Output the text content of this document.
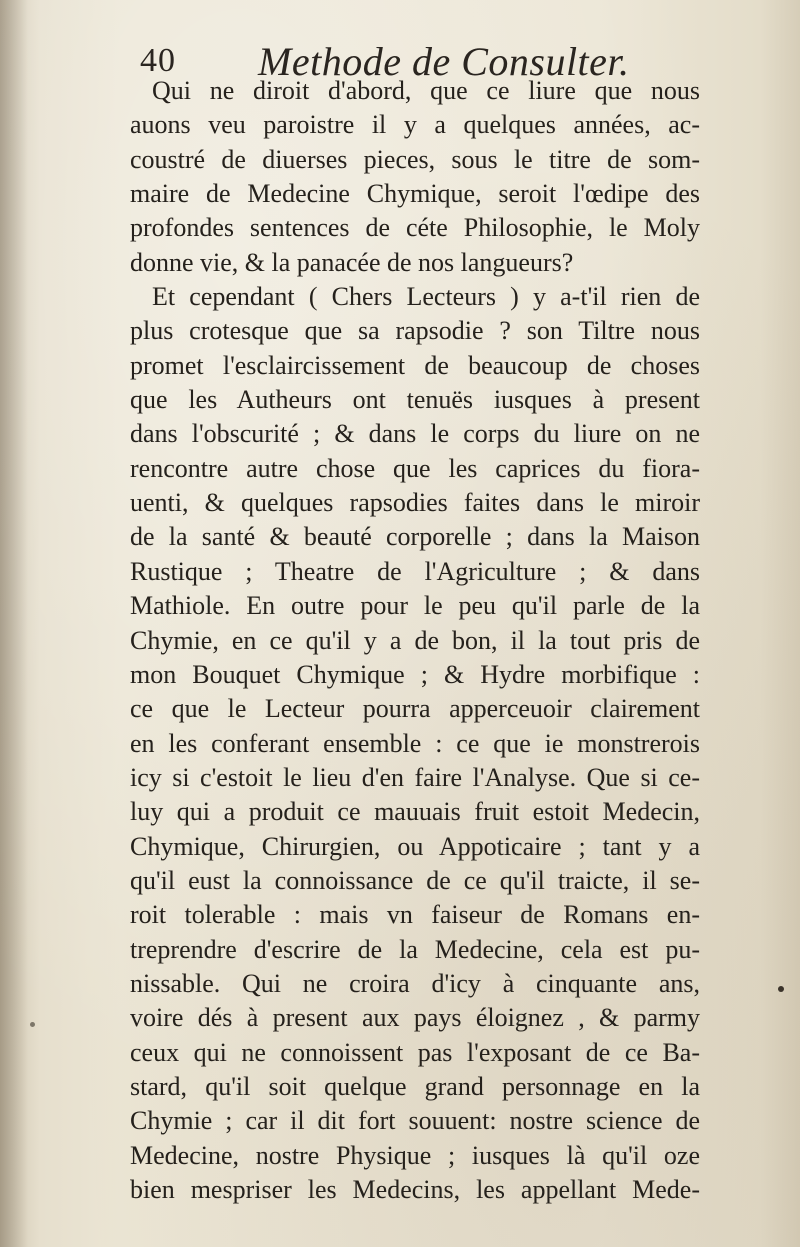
40 Methode de Consulter.
Qui ne diroit d'abord, que ce liure que nous
auons veu paroistre il y a quelques années, ac-
coustré de diuerses pieces, sous le titre de som-
maire de Medecine Chymique, seroit l'œdipe des
profondes sentences de céte Philosophie, le Moly
donne vie, & la panacée de nos langueurs?
Et cependant ( Chers Lecteurs ) y a-t'il rien de
plus crotesque que sa rapsodie ? son Tiltre nous
promet l'esclaircissement de beaucoup de choses
que les Autheurs ont tenuës iusques à present
dans l'obscurité ; & dans le corps du liure on ne
rencontre autre chose que les caprices du fiora-
uenti, & quelques rapsodies faites dans le miroir
de la santé & beauté corporelle ; dans la Maison
Rustique ; Theatre de l'Agriculture ; & dans
Mathiole. En outre pour le peu qu'il parle de la
Chymie, en ce qu'il y a de bon, il la tout pris de
mon Bouquet Chymique ; & Hydre morbifique :
ce que le Lecteur pourra apperceuoir clairement
en les conferant ensemble : ce que ie monstrerois
icy si c'estoit le lieu d'en faire l'Analyse. Que si ce-
luy qui a produit ce mauuais fruit estoit Medecin,
Chymique, Chirurgien, ou Appoticaire ; tant y a
qu'il eust la connoissance de ce qu'il traicte, il se-
roit tolerable : mais vn faiseur de Romans en-
treprendre d'escrire de la Medecine, cela est pu-
nissable. Qui ne croira d'icy à cinquante ans,
voire dés à present aux pays éloignez , & parmy
ceux qui ne connoissent pas l'exposant de ce Ba-
stard, qu'il soit quelque grand personnage en la
Chymie ; car il dit fort souuent: nostre science de
Medecine, nostre Physique ; iusques là qu'il oze
bien mespriser les Medecins, les appellant Mede-
